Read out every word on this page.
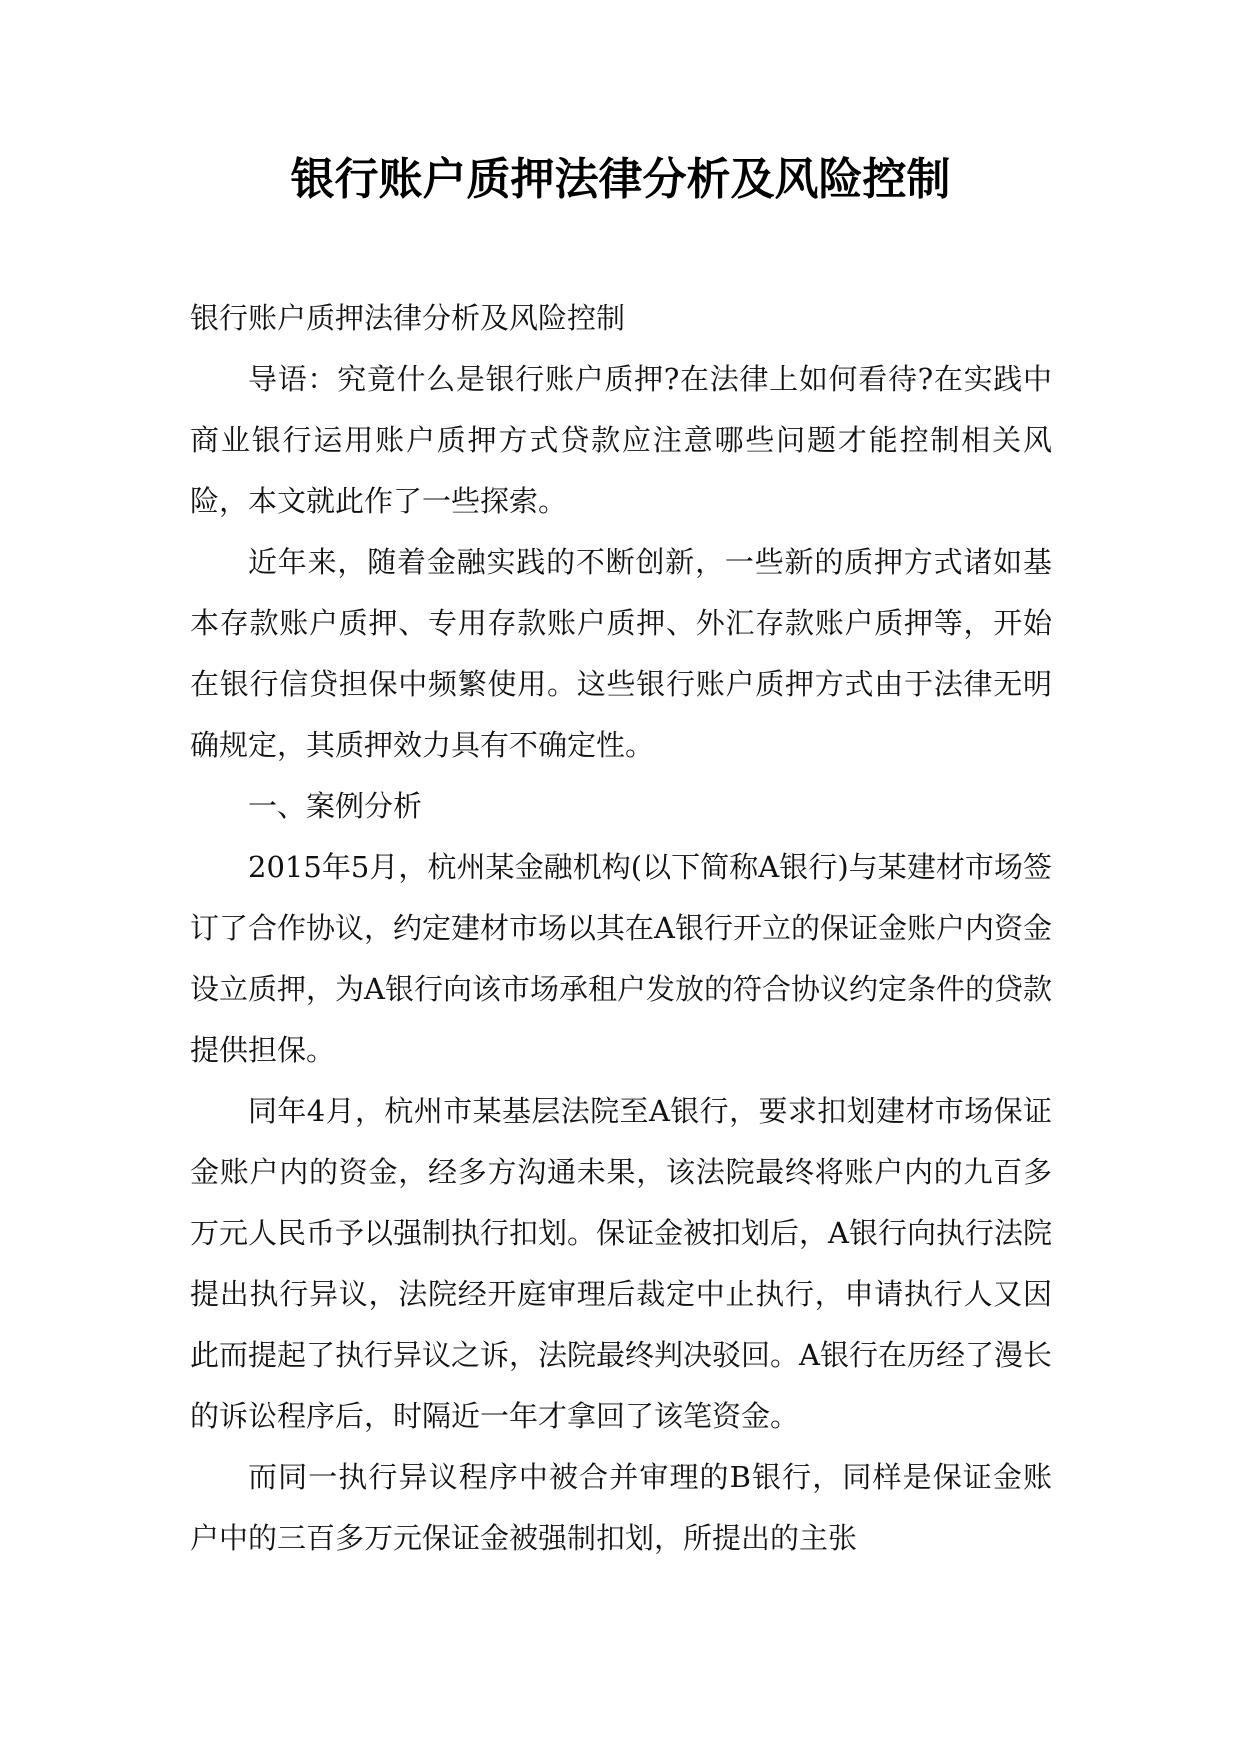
银行账户质押法律分析及风险控制

银行账户质押法律分析及风险控制

导语：究竟什么是银行账户质押?在法律上如何看待?在实践中商业银行运用账户质押方式贷款应注意哪些问题才能控制相关风险，本文就此作了一些探索。

近年来，随着金融实践的不断创新，一些新的质押方式诸如基本存款账户质押、专用存款账户质押、外汇存款账户质押等，开始在银行信贷担保中频繁使用。这些银行账户质押方式由于法律无明确规定，其质押效力具有不确定性。

一、案例分析

2015年5月，杭州某金融机构(以下简称A银行)与某建材市场签订了合作协议，约定建材市场以其在A银行开立的保证金账户内资金设立质押，为A银行向该市场承租户发放的符合协议约定条件的贷款提供担保。

同年4月，杭州市某基层法院至A银行，要求扣划建材市场保证金账户内的资金，经多方沟通未果，该法院最终将账户内的九百多万元人民币予以强制执行扣划。保证金被扣划后，A银行向执行法院提出执行异议，法院经开庭审理后裁定中止执行，申请执行人又因此而提起了执行异议之诉，法院最终判决驳回。A银行在历经了漫长的诉讼程序后，时隔近一年才拿回了该笔资金。

而同一执行异议程序中被合并审理的B银行，同样是保证金账户中的三百多万元保证金被强制扣划，所提出的主张
